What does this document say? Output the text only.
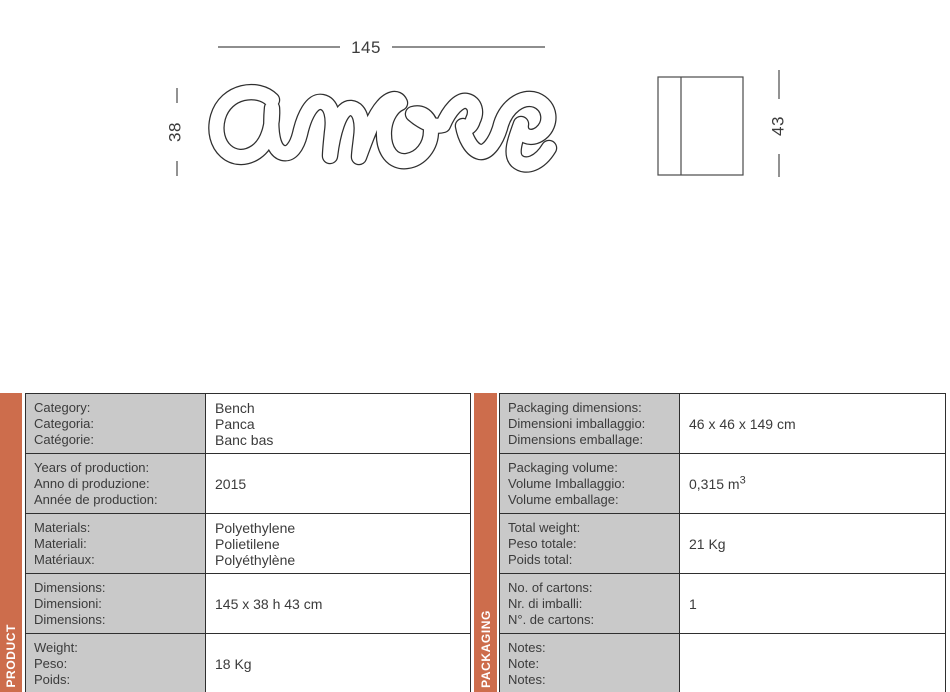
145
38	43
PRODUCT
Category:
Categoria:
Catégorie:
Bench
Panca
Banc bas
Years of production:
Anno di produzione:
Année de production:
2015
Materials:
Materiali:
Matériaux:
Polyethylene
Polietilene
Polyéthylène
Dimensions:
Dimensioni:
Dimensions:
145 x 38 h 43 cm
Weight:
Peso:
Poids:
18 Kg	PACKAGING
Packaging dimensions:
Dimensioni imballaggio:
Dimensions emballage:
46 x 46 x 149 cm
Packaging volume:
Volume Imballaggio:
Volume emballage:
0,315 $m^3$
Total weight:
Peso totale:
Poids total:
21 Kg
No. of cartons:
Nr. di imballi:
N°. de cartons:
1
Notes:
Note:
Notes:
